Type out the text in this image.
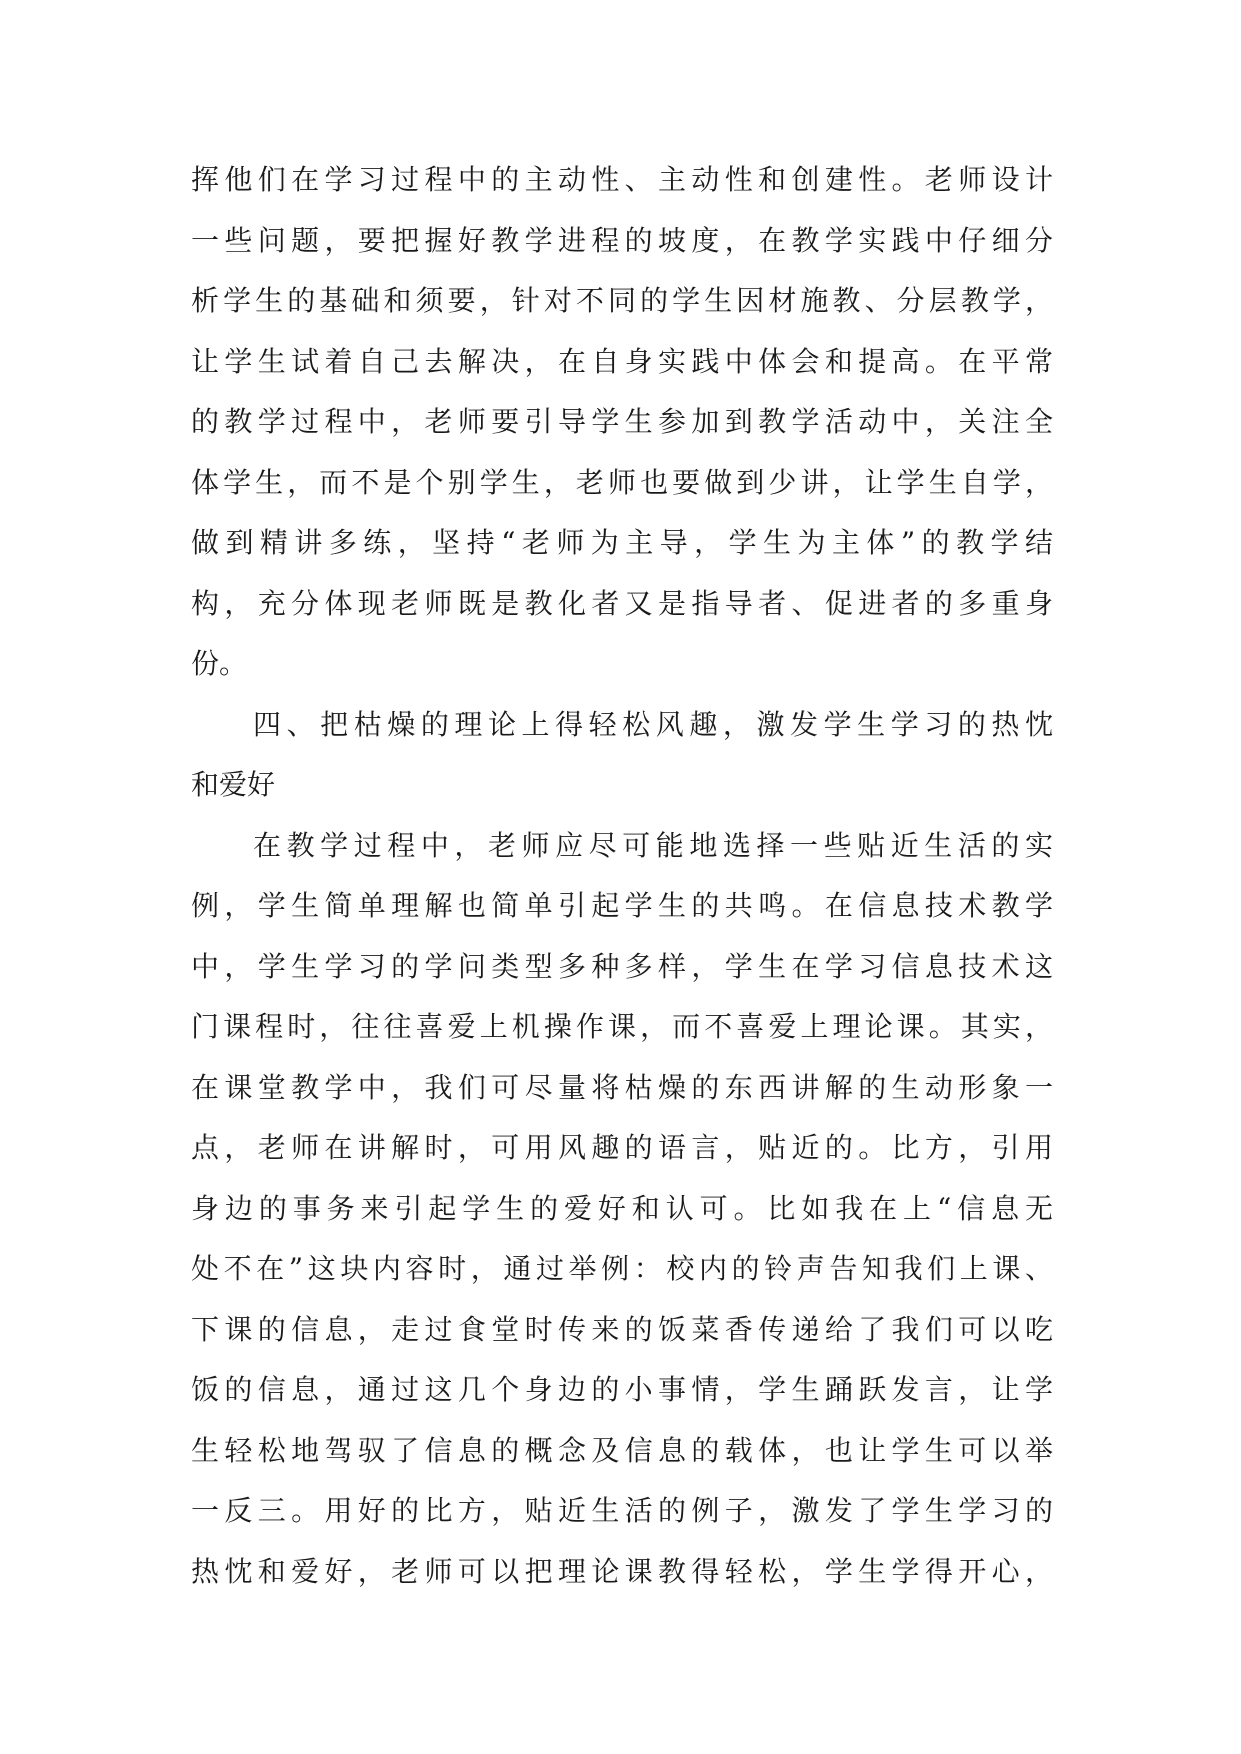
挥他们在学习过程中的主动性、主动性和创建性。老师设计
一些问题，要把握好教学进程的坡度，在教学实践中仔细分
析学生的基础和须要，针对不同的学生因材施教、分层教学，
让学生试着自己去解决，在自身实践中体会和提高。在平常
的教学过程中，老师要引导学生参加到教学活动中，关注全
体学生，而不是个别学生，老师也要做到少讲，让学生自学，
做到精讲多练，坚持“老师为主导，学生为主体”的教学结
构，充分体现老师既是教化者又是指导者、促进者的多重身
份。
四、把枯燥的理论上得轻松风趣，激发学生学习的热忱
和爱好
在教学过程中，老师应尽可能地选择一些贴近生活的实
例，学生简单理解也简单引起学生的共鸣。在信息技术教学
中，学生学习的学问类型多种多样，学生在学习信息技术这
门课程时，往往喜爱上机操作课，而不喜爱上理论课。其实，
在课堂教学中，我们可尽量将枯燥的东西讲解的生动形象一
点，老师在讲解时，可用风趣的语言，贴近的。比方，引用
身边的事务来引起学生的爱好和认可。比如我在上“信息无
处不在”这块内容时，通过举例：校内的铃声告知我们上课、
下课的信息，走过食堂时传来的饭菜香传递给了我们可以吃
饭的信息，通过这几个身边的小事情，学生踊跃发言，让学
生轻松地驾驭了信息的概念及信息的载体，也让学生可以举
一反三。用好的比方，贴近生活的例子，激发了学生学习的
热忱和爱好，老师可以把理论课教得轻松，学生学得开心，
